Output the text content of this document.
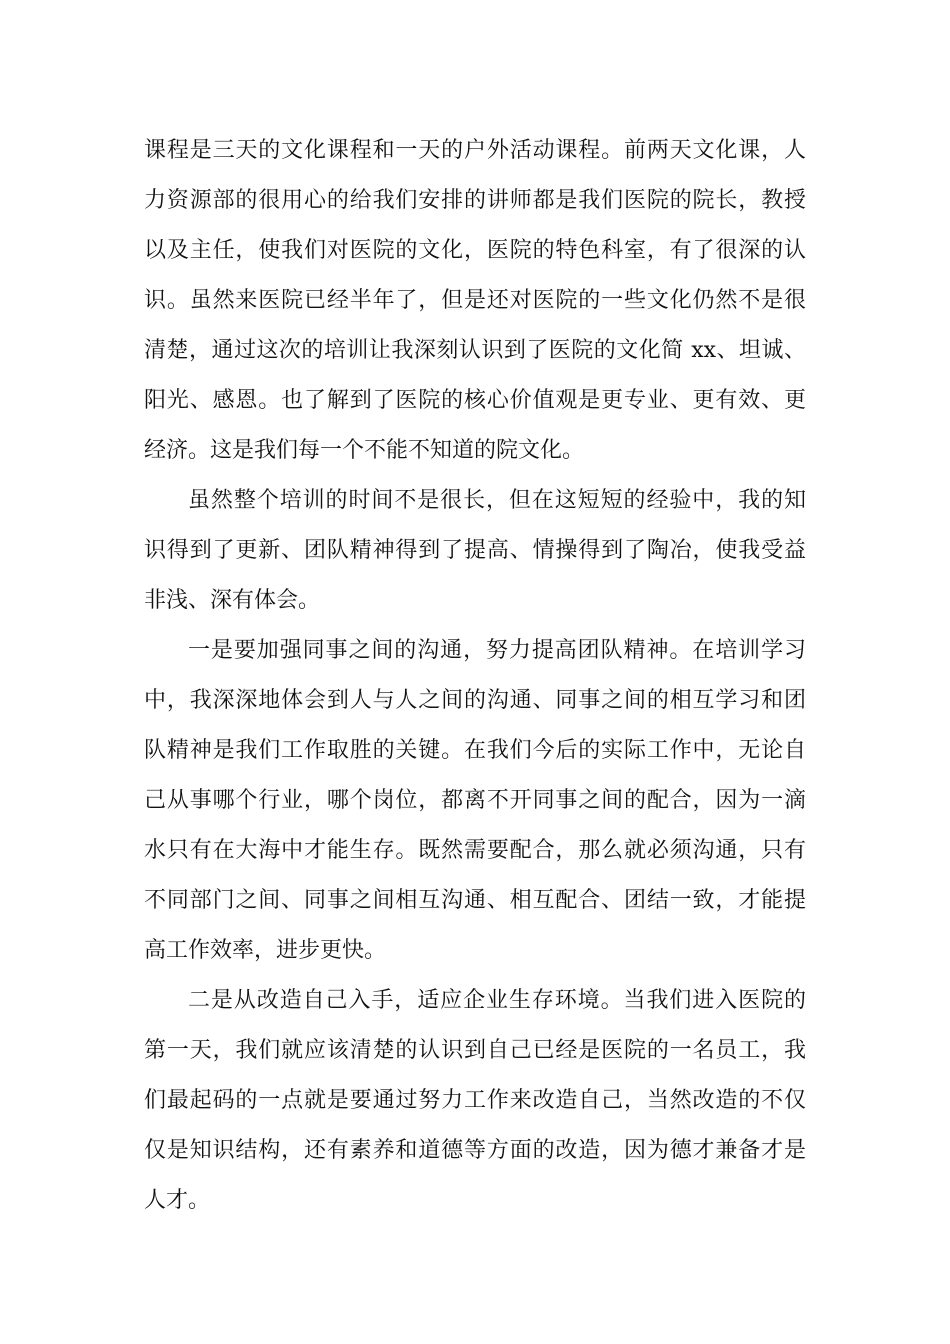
课程是三天的文化课程和一天的户外活动课程。前两天文化课，人
力资源部的很用心的给我们安排的讲师都是我们医院的院长，教授
以及主任，使我们对医院的文化，医院的特色科室，有了很深的认
识。虽然来医院已经半年了，但是还对医院的一些文化仍然不是很
清楚，通过这次的培训让我深刻认识到了医院的文化简 xx、坦诚、
阳光、感恩。也了解到了医院的核心价值观是更专业、更有效、更
经济。这是我们每一个不能不知道的院文化。
虽然整个培训的时间不是很长，但在这短短的经验中，我的知
识得到了更新、团队精神得到了提高、情操得到了陶冶，使我受益
非浅、深有体会。
一是要加强同事之间的沟通，努力提高团队精神。在培训学习
中，我深深地体会到人与人之间的沟通、同事之间的相互学习和团
队精神是我们工作取胜的关键。在我们今后的实际工作中，无论自
己从事哪个行业，哪个岗位，都离不开同事之间的配合，因为一滴
水只有在大海中才能生存。既然需要配合，那么就必须沟通，只有
不同部门之间、同事之间相互沟通、相互配合、团结一致，才能提
高工作效率，进步更快。
二是从改造自己入手，适应企业生存环境。当我们进入医院的
第一天，我们就应该清楚的认识到自己已经是医院的一名员工，我
们最起码的一点就是要通过努力工作来改造自己，当然改造的不仅
仅是知识结构，还有素养和道德等方面的改造，因为德才兼备才是
人才。
